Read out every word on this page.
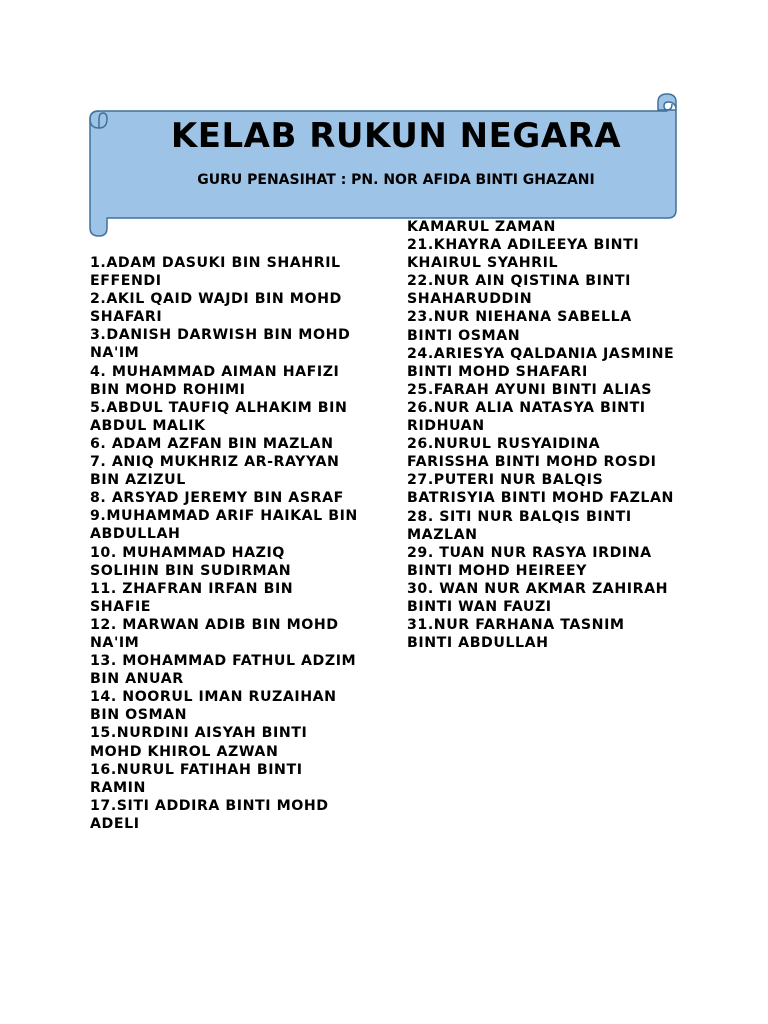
KELAB RUKUN NEGARA

GURU PENASIHAT : PN. NOR AFIDA BINTI GHAZANI

1.ADAM DASUKI BIN SHAHRIL
EFFENDI
2.AKIL QAID WAJDI BIN MOHD
SHAFARI
3.DANISH DARWISH BIN MOHD
NA'IM
4. MUHAMMAD AIMAN HAFIZI
BIN MOHD ROHIMI
5.ABDUL TAUFIQ ALHAKIM BIN
ABDUL MALIK
6. ADAM AZFAN BIN MAZLAN
7. ANIQ MUKHRIZ AR-RAYYAN
BIN AZIZUL
8. ARSYAD JEREMY BIN ASRAF
9.MUHAMMAD ARIF HAIKAL BIN
ABDULLAH
10. MUHAMMAD HAZIQ
SOLIHIN BIN SUDIRMAN
11. ZHAFRAN IRFAN BIN
SHAFIE
12. MARWAN ADIB BIN MOHD
NA'IM
13. MOHAMMAD FATHUL ADZIM
BIN ANUAR
14. NOORUL IMAN RUZAIHAN
BIN OSMAN
15.NURDINI AISYAH BINTI
MOHD KHIROL AZWAN
16.NURUL FATIHAH BINTI
RAMIN
17.SITI ADDIRA BINTI MOHD
ADELI
KAMARUL ZAMAN
21.KHAYRA ADILEEYA BINTI
KHAIRUL SYAHRIL
22.NUR AIN QISTINA BINTI
SHAHARUDDIN
23.NUR NIEHANA SABELLA
BINTI OSMAN
24.ARIESYA QALDANIA JASMINE
BINTI MOHD SHAFARI
25.FARAH AYUNI BINTI ALIAS
26.NUR ALIA NATASYA BINTI
RIDHUAN
26.NURUL RUSYAIDINA
FARISSHA BINTI MOHD ROSDI
27.PUTERI NUR BALQIS
BATRISYIA BINTI MOHD FAZLAN
28. SITI NUR BALQIS BINTI
MAZLAN
29. TUAN NUR RASYA IRDINA
BINTI MOHD HEIREEY
30. WAN NUR AKMAR ZAHIRAH
BINTI WAN FAUZI
31.NUR FARHANA TASNIM
BINTI ABDULLAH
